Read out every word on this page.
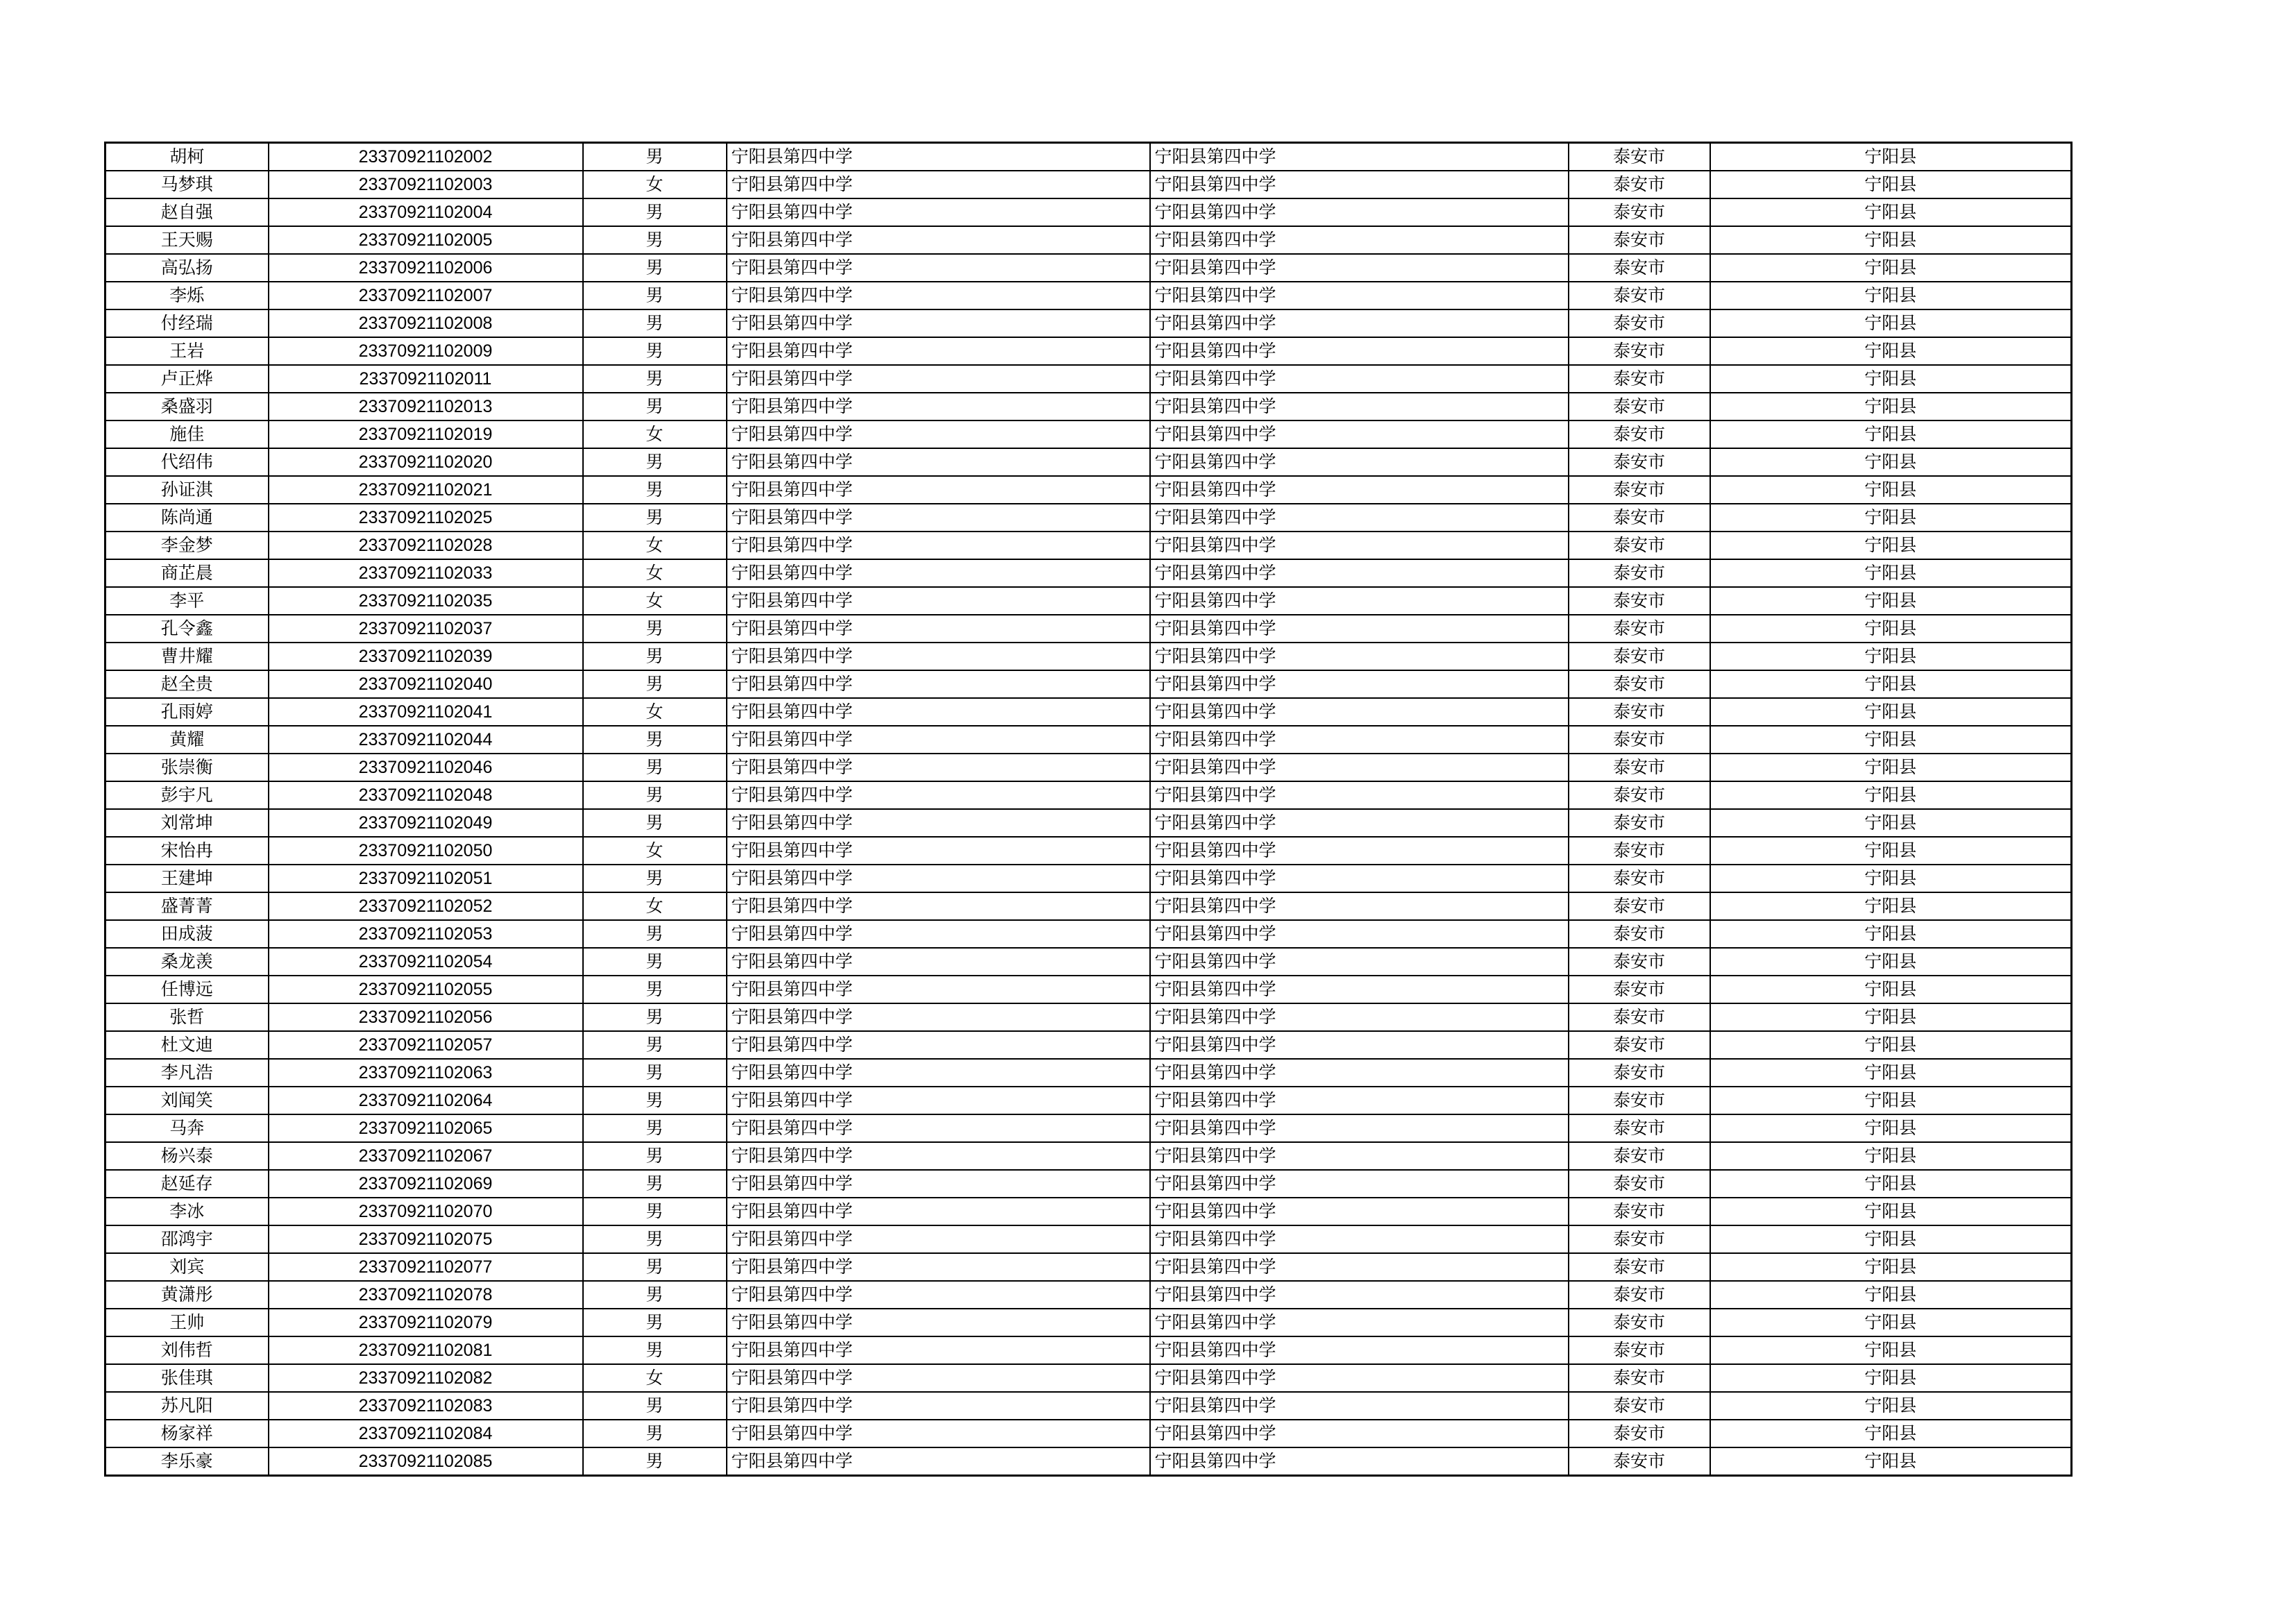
胡柯	23370921102002	男	宁阳县第四中学	宁阳县第四中学	泰安市	宁阳县
马梦琪	23370921102003	女	宁阳县第四中学	宁阳县第四中学	泰安市	宁阳县
赵自强	23370921102004	男	宁阳县第四中学	宁阳县第四中学	泰安市	宁阳县
王天赐	23370921102005	男	宁阳县第四中学	宁阳县第四中学	泰安市	宁阳县
高弘扬	23370921102006	男	宁阳县第四中学	宁阳县第四中学	泰安市	宁阳县
李烁	23370921102007	男	宁阳县第四中学	宁阳县第四中学	泰安市	宁阳县
付经瑞	23370921102008	男	宁阳县第四中学	宁阳县第四中学	泰安市	宁阳县
王岩	23370921102009	男	宁阳县第四中学	宁阳县第四中学	泰安市	宁阳县
卢正烨	23370921102011	男	宁阳县第四中学	宁阳县第四中学	泰安市	宁阳县
桑盛羽	23370921102013	男	宁阳县第四中学	宁阳县第四中学	泰安市	宁阳县
施佳	23370921102019	女	宁阳县第四中学	宁阳县第四中学	泰安市	宁阳县
代绍伟	23370921102020	男	宁阳县第四中学	宁阳县第四中学	泰安市	宁阳县
孙证淇	23370921102021	男	宁阳县第四中学	宁阳县第四中学	泰安市	宁阳县
陈尚通	23370921102025	男	宁阳县第四中学	宁阳县第四中学	泰安市	宁阳县
李金梦	23370921102028	女	宁阳县第四中学	宁阳县第四中学	泰安市	宁阳县
商芷晨	23370921102033	女	宁阳县第四中学	宁阳县第四中学	泰安市	宁阳县
李平	23370921102035	女	宁阳县第四中学	宁阳县第四中学	泰安市	宁阳县
孔令鑫	23370921102037	男	宁阳县第四中学	宁阳县第四中学	泰安市	宁阳县
曹井耀	23370921102039	男	宁阳县第四中学	宁阳县第四中学	泰安市	宁阳县
赵全贵	23370921102040	男	宁阳县第四中学	宁阳县第四中学	泰安市	宁阳县
孔雨婷	23370921102041	女	宁阳县第四中学	宁阳县第四中学	泰安市	宁阳县
黄耀	23370921102044	男	宁阳县第四中学	宁阳县第四中学	泰安市	宁阳县
张崇衡	23370921102046	男	宁阳县第四中学	宁阳县第四中学	泰安市	宁阳县
彭宇凡	23370921102048	男	宁阳县第四中学	宁阳县第四中学	泰安市	宁阳县
刘常坤	23370921102049	男	宁阳县第四中学	宁阳县第四中学	泰安市	宁阳县
宋怡冉	23370921102050	女	宁阳县第四中学	宁阳县第四中学	泰安市	宁阳县
王建坤	23370921102051	男	宁阳县第四中学	宁阳县第四中学	泰安市	宁阳县
盛菁菁	23370921102052	女	宁阳县第四中学	宁阳县第四中学	泰安市	宁阳县
田成菠	23370921102053	男	宁阳县第四中学	宁阳县第四中学	泰安市	宁阳县
桑龙羡	23370921102054	男	宁阳县第四中学	宁阳县第四中学	泰安市	宁阳县
任博远	23370921102055	男	宁阳县第四中学	宁阳县第四中学	泰安市	宁阳县
张哲	23370921102056	男	宁阳县第四中学	宁阳县第四中学	泰安市	宁阳县
杜文迪	23370921102057	男	宁阳县第四中学	宁阳县第四中学	泰安市	宁阳县
李凡浩	23370921102063	男	宁阳县第四中学	宁阳县第四中学	泰安市	宁阳县
刘闻笑	23370921102064	男	宁阳县第四中学	宁阳县第四中学	泰安市	宁阳县
马奔	23370921102065	男	宁阳县第四中学	宁阳县第四中学	泰安市	宁阳县
杨兴泰	23370921102067	男	宁阳县第四中学	宁阳县第四中学	泰安市	宁阳县
赵延存	23370921102069	男	宁阳县第四中学	宁阳县第四中学	泰安市	宁阳县
李冰	23370921102070	男	宁阳县第四中学	宁阳县第四中学	泰安市	宁阳县
邵鸿宇	23370921102075	男	宁阳县第四中学	宁阳县第四中学	泰安市	宁阳县
刘宾	23370921102077	男	宁阳县第四中学	宁阳县第四中学	泰安市	宁阳县
黄潇彤	23370921102078	男	宁阳县第四中学	宁阳县第四中学	泰安市	宁阳县
王帅	23370921102079	男	宁阳县第四中学	宁阳县第四中学	泰安市	宁阳县
刘伟哲	23370921102081	男	宁阳县第四中学	宁阳县第四中学	泰安市	宁阳县
张佳琪	23370921102082	女	宁阳县第四中学	宁阳县第四中学	泰安市	宁阳县
苏凡阳	23370921102083	男	宁阳县第四中学	宁阳县第四中学	泰安市	宁阳县
杨家祥	23370921102084	男	宁阳县第四中学	宁阳县第四中学	泰安市	宁阳县
李乐豪	23370921102085	男	宁阳县第四中学	宁阳县第四中学	泰安市	宁阳县
